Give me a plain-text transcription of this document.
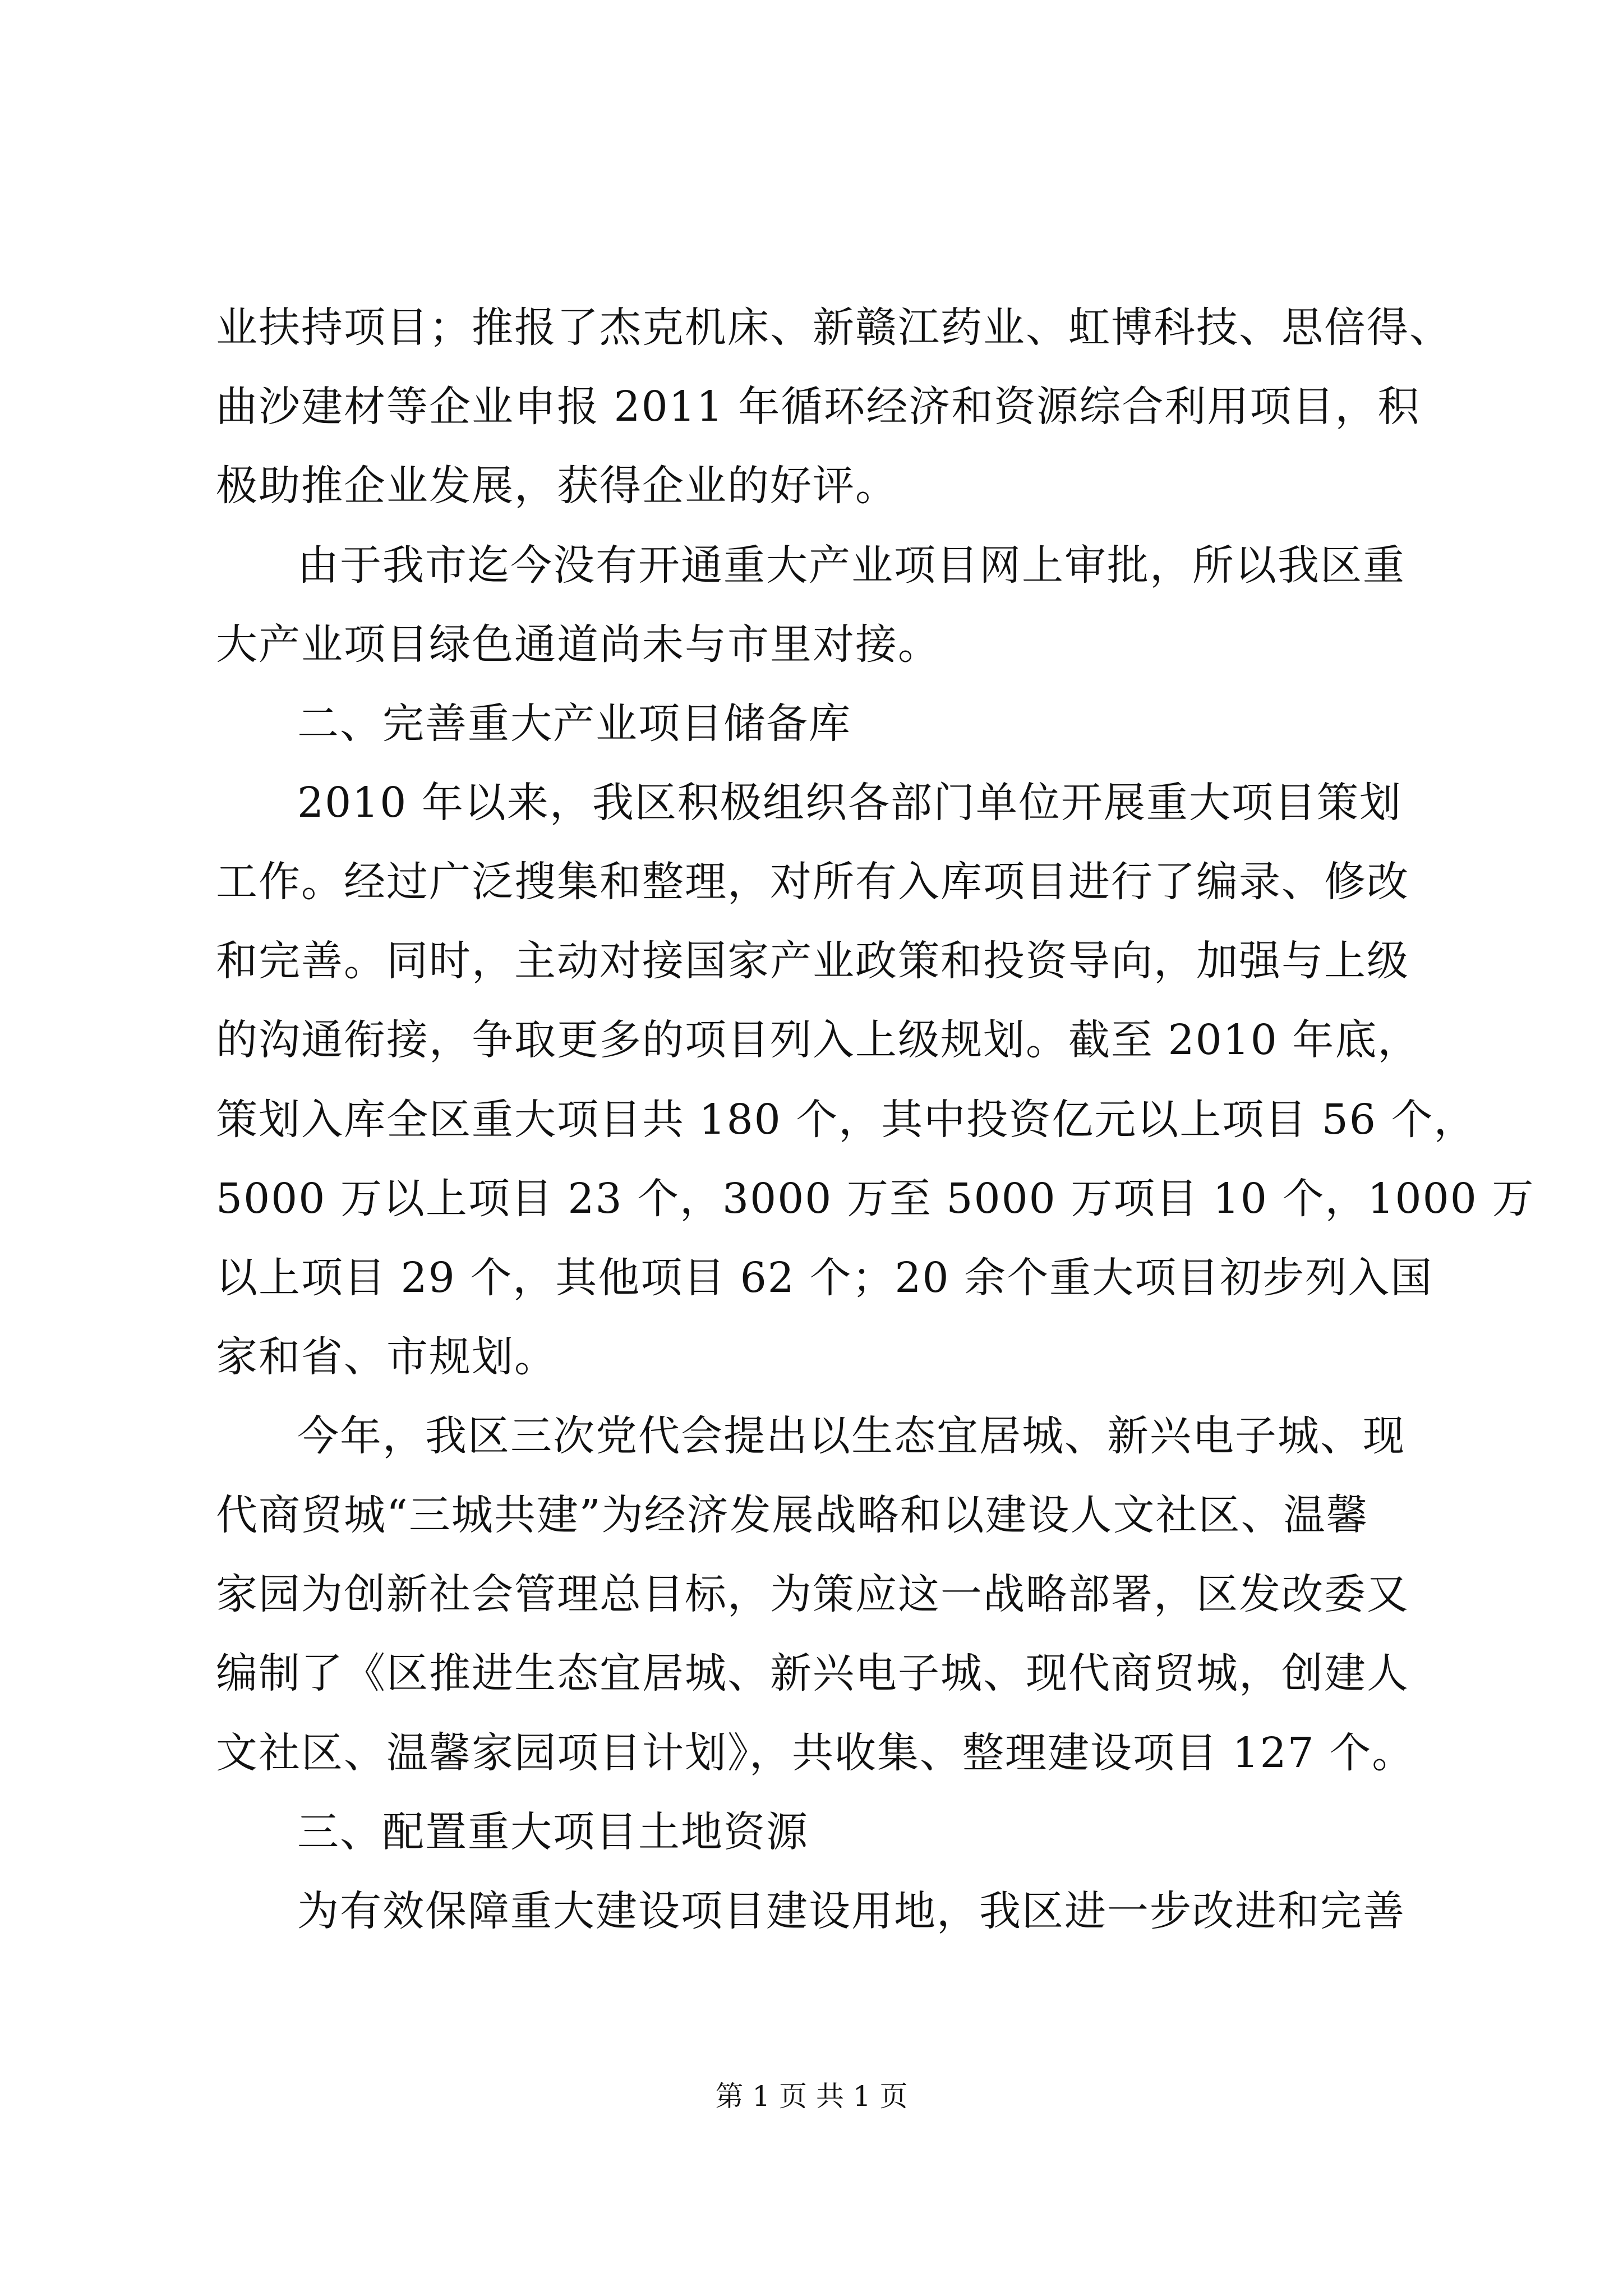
业扶持项目；推报了杰克机床、新赣江药业、虹博科技、思倍得、
曲沙建材等企业申报 2011 年循环经济和资源综合利用项目，积
极助推企业发展，获得企业的好评。
由于我市迄今没有开通重大产业项目网上审批，所以我区重
大产业项目绿色通道尚未与市里对接。
二、完善重大产业项目储备库
2010 年以来，我区积极组织各部门单位开展重大项目策划
工作。经过广泛搜集和整理，对所有入库项目进行了编录、修改
和完善。同时，主动对接国家产业政策和投资导向，加强与上级
的沟通衔接，争取更多的项目列入上级规划。截至 2010 年底，
策划入库全区重大项目共 180 个，其中投资亿元以上项目 56 个，
5000 万以上项目 23 个，3000 万至 5000 万项目 10 个，1000 万
以上项目 29 个，其他项目 62 个；20 余个重大项目初步列入国
家和省、市规划。
今年，我区三次党代会提出以生态宜居城、新兴电子城、现
代商贸城“三城共建”为经济发展战略和以建设人文社区、温馨
家园为创新社会管理总目标，为策应这一战略部署，区发改委又
编制了《区推进生态宜居城、新兴电子城、现代商贸城，创建人
文社区、温馨家园项目计划》，共收集、整理建设项目 127 个。
三、配置重大项目土地资源
为有效保障重大建设项目建设用地，我区进一步改进和完善
第 1 页 共 1 页
